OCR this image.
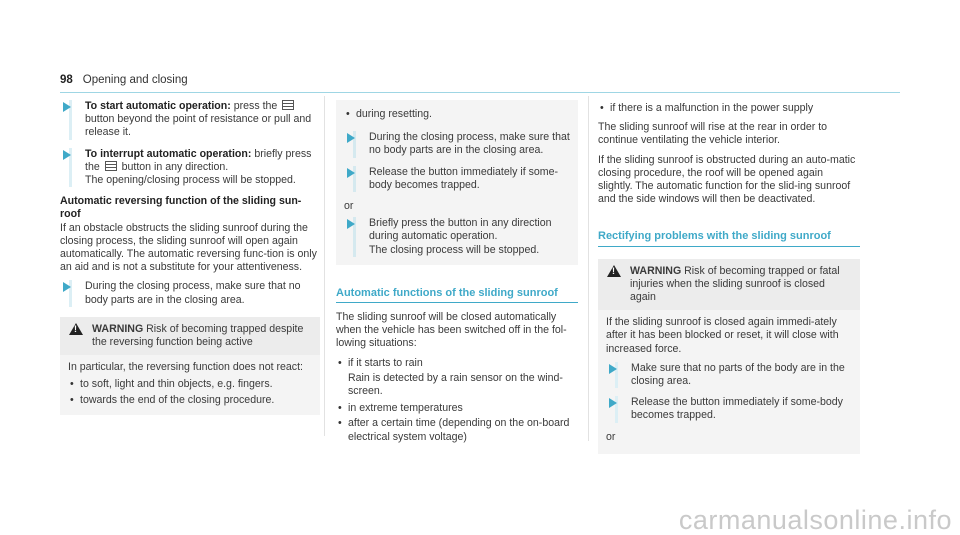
98 Opening and closing

To start automatic operation: press the  button beyond the point of resistance or pull and release it.

To interrupt automatic operation: briefly press the  button in any direction.

The opening/closing process will be stopped.

Automatic reversing function of the sliding sun-roof

If an obstacle obstructs the sliding sunroof during the closing process, the sliding sunroof will open again automatically. The automatic reversing func-tion is only an aid and is not a substitute for your attentiveness.

During the closing process, make sure that no body parts are in the closing area.

!
WARNING Risk of becoming trapped despite the reversing function being active

In particular, the reversing function does not react:

• to soft, light and thin objects, e.g. fingers.
• towards the end of the closing procedure.
• during resetting.

During the closing process, make sure that no body parts are in the closing area.

Release the button immediately if some-body becomes trapped.

or

Briefly press the button in any direction during automatic operation.

The closing process will be stopped.

Automatic functions of the sliding sunroof

The sliding sunroof will be closed automatically when the vehicle has been switched off in the fol-lowing situations:

• if it starts to rain

Rain is detected by a rain sensor on the wind-screen.

• in extreme temperatures
• after a certain time (depending on the on-board electrical system voltage)
• if there is a malfunction in the power supply

The sliding sunroof will rise at the rear in order to continue ventilating the vehicle interior.

If the sliding sunroof is obstructed during an auto-matic closing procedure, the roof will be opened again slightly. The automatic function for the slid-ing sunroof and the side windows will then be deactivated.

Rectifying problems with the sliding sunroof
!
WARNING Risk of becoming trapped or fatal injuries when the sliding sunroof is closed again

If the sliding sunroof is closed again immedi-ately after it has been blocked or reset, it will close with increased force.

Make sure that no parts of the body are in the closing area.

Release the button immediately if some-body becomes trapped.

or

carmanualsonline.info
